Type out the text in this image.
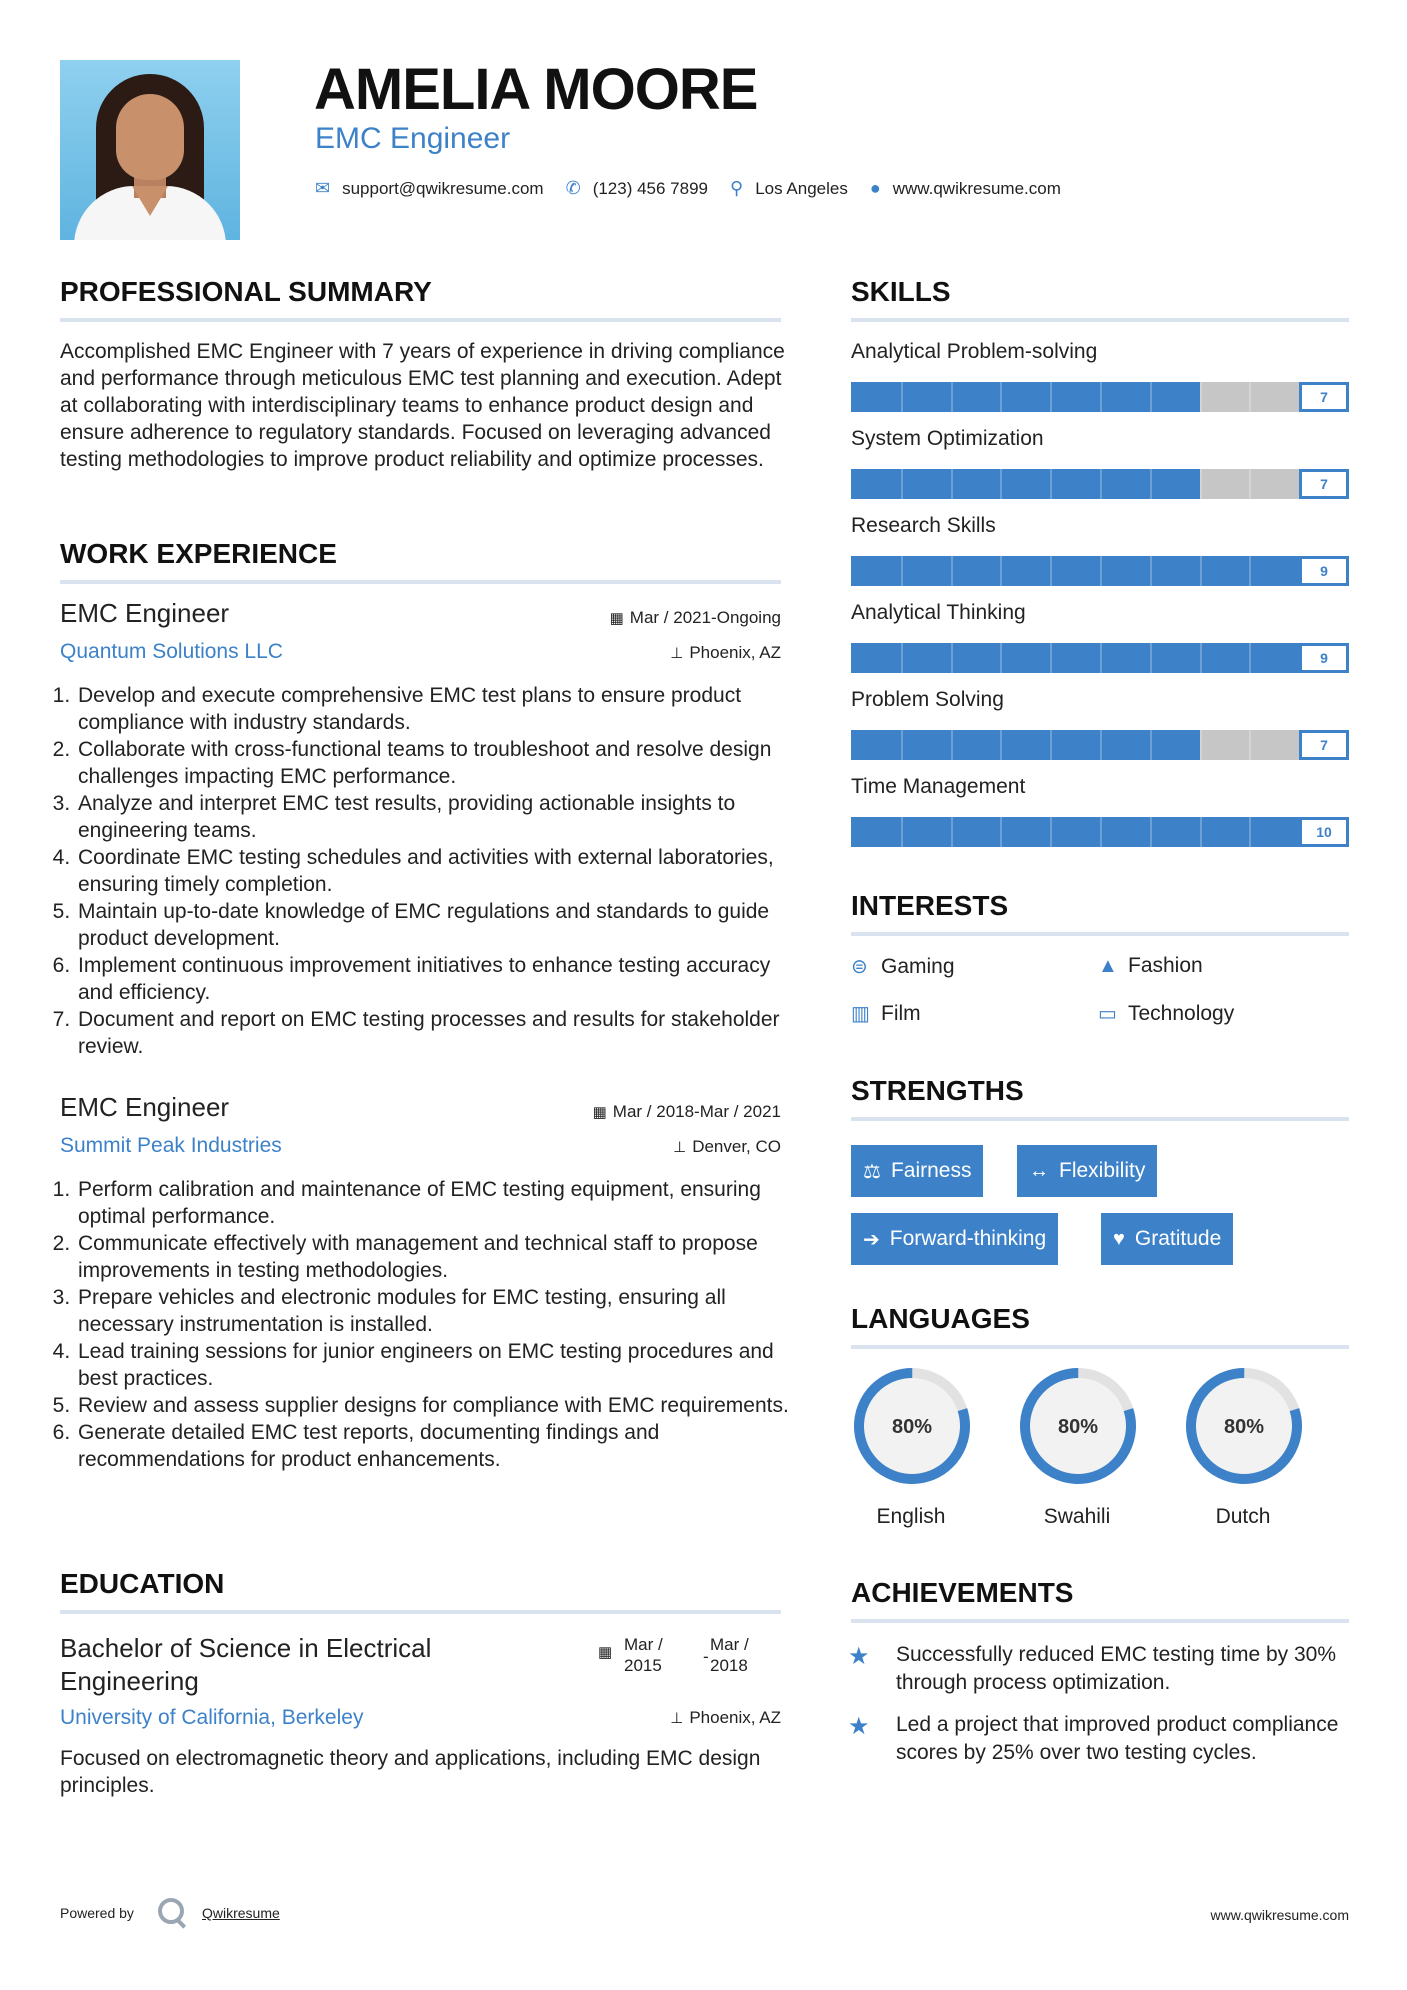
AMELIA MOORE
EMC Engineer
✉ support@qwikresume.com ✆ (123) 456 7899 ⚲ Los Angeles ● www.qwikresume.com
PROFESSIONAL SUMMARY
Accomplished EMC Engineer with 7 years of experience in driving compliance and performance through meticulous EMC test planning and execution. Adept at collaborating with interdisciplinary teams to enhance product design and ensure adherence to regulatory standards. Focused on leveraging advanced testing methodologies to improve product reliability and optimize processes.
WORK EXPERIENCE
EMC Engineer	▦ Mar / 2021-Ongoing
Quantum Solutions LLC	⊥ Phoenix, AZ
1. Develop and execute comprehensive EMC test plans to ensure product compliance with industry standards.
2. Collaborate with cross-functional teams to troubleshoot and resolve design challenges impacting EMC performance.
3. Analyze and interpret EMC test results, providing actionable insights to engineering teams.
4. Coordinate EMC testing schedules and activities with external laboratories, ensuring timely completion.
5. Maintain up-to-date knowledge of EMC regulations and standards to guide product development.
6. Implement continuous improvement initiatives to enhance testing accuracy and efficiency.
7. Document and report on EMC testing processes and results for stakeholder review.
EMC Engineer	▦ Mar / 2018-Mar / 2021
Summit Peak Industries	⊥ Denver, CO
1. Perform calibration and maintenance of EMC testing equipment, ensuring optimal performance.
2. Communicate effectively with management and technical staff to propose improvements in testing methodologies.
3. Prepare vehicles and electronic modules for EMC testing, ensuring all necessary instrumentation is installed.
4. Lead training sessions for junior engineers on EMC testing procedures and best practices.
5. Review and assess supplier designs for compliance with EMC requirements.
6. Generate detailed EMC test reports, documenting findings and recommendations for product enhancements.
EDUCATION
Bachelor of Science in Electrical Engineering
▦ Mar / 2015	-
Mar / 2018
University of California, Berkeley	⊥ Phoenix, AZ
Focused on electromagnetic theory and applications, including EMC design principles.
SKILLS
Analytical Problem-solving
7
System Optimization
7
Research Skills
9
Analytical Thinking
9
Problem Solving
7
Time Management
10
INTERESTS
⊜ Gaming	▲ Fashion
▥ Film	▭ Technology
STRENGTHS
⚖ Fairness	↔ Flexibility
➔ Forward-thinking	♥ Gratitude
LANGUAGES
80%
English
80%
Swahili
80%
Dutch
ACHIEVEMENTS
★ Successfully reduced EMC testing time by 30% through process optimization.
★ Led a project that improved product compliance scores by 25% over two testing cycles.
Powered by	Qwikresume	www.qwikresume.com
